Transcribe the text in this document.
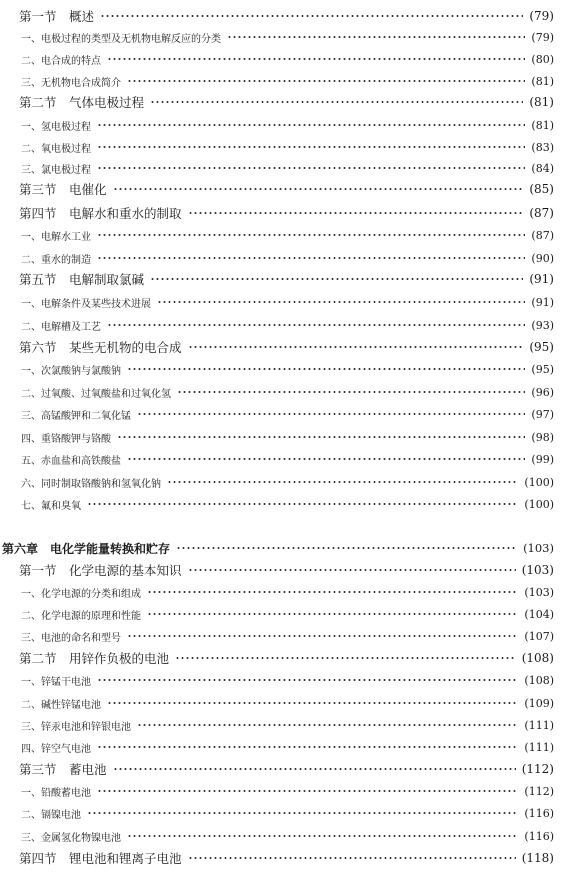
第一节　概述	(79)
一、电极过程的类型及无机物电解反应的分类	(79)
二、电合成的特点	(80)
三、无机物电合成简介	(81)
第二节　气体电极过程	(81)
一、氢电极过程	(81)
二、氧电极过程	(83)
三、氯电极过程	(84)
第三节　电催化	(85)
第四节　电解水和重水的制取	(87)
一、电解水工业	(87)
二、重水的制造	(90)
第五节　电解制取氯碱	(91)
一、电解条件及某些技术进展	(91)
二、电解槽及工艺	(93)
第六节　某些无机物的电合成	(95)
一、次氯酸钠与氯酸钠	(95)
二、过氧酸、过氧酸盐和过氧化氢	(96)
三、高锰酸钾和二氧化锰	(97)
四、重铬酸钾与铬酸	(98)
五、赤血盐和高铁酸盐	(99)
六、同时制取铬酸钠和氢氧化钠	(100)
七、氟和臭氧	(100)
第六章　电化学能量转换和贮存	(103)
第一节　化学电源的基本知识	(103)
一、化学电源的分类和组成	(103)
二、化学电源的原理和性能	(104)
三、电池的命名和型号	(107)
第二节　用锌作负极的电池	(108)
一、锌锰干电池	(108)
二、碱性锌锰电池	(109)
三、锌汞电池和锌银电池	(111)
四、锌空气电池	(111)
第三节　蓄电池	(112)
一、铅酸蓄电池	(112)
二、镉镍电池	(116)
三、金属氢化物镍电池	(116)
第四节　锂电池和锂离子电池	(118)
